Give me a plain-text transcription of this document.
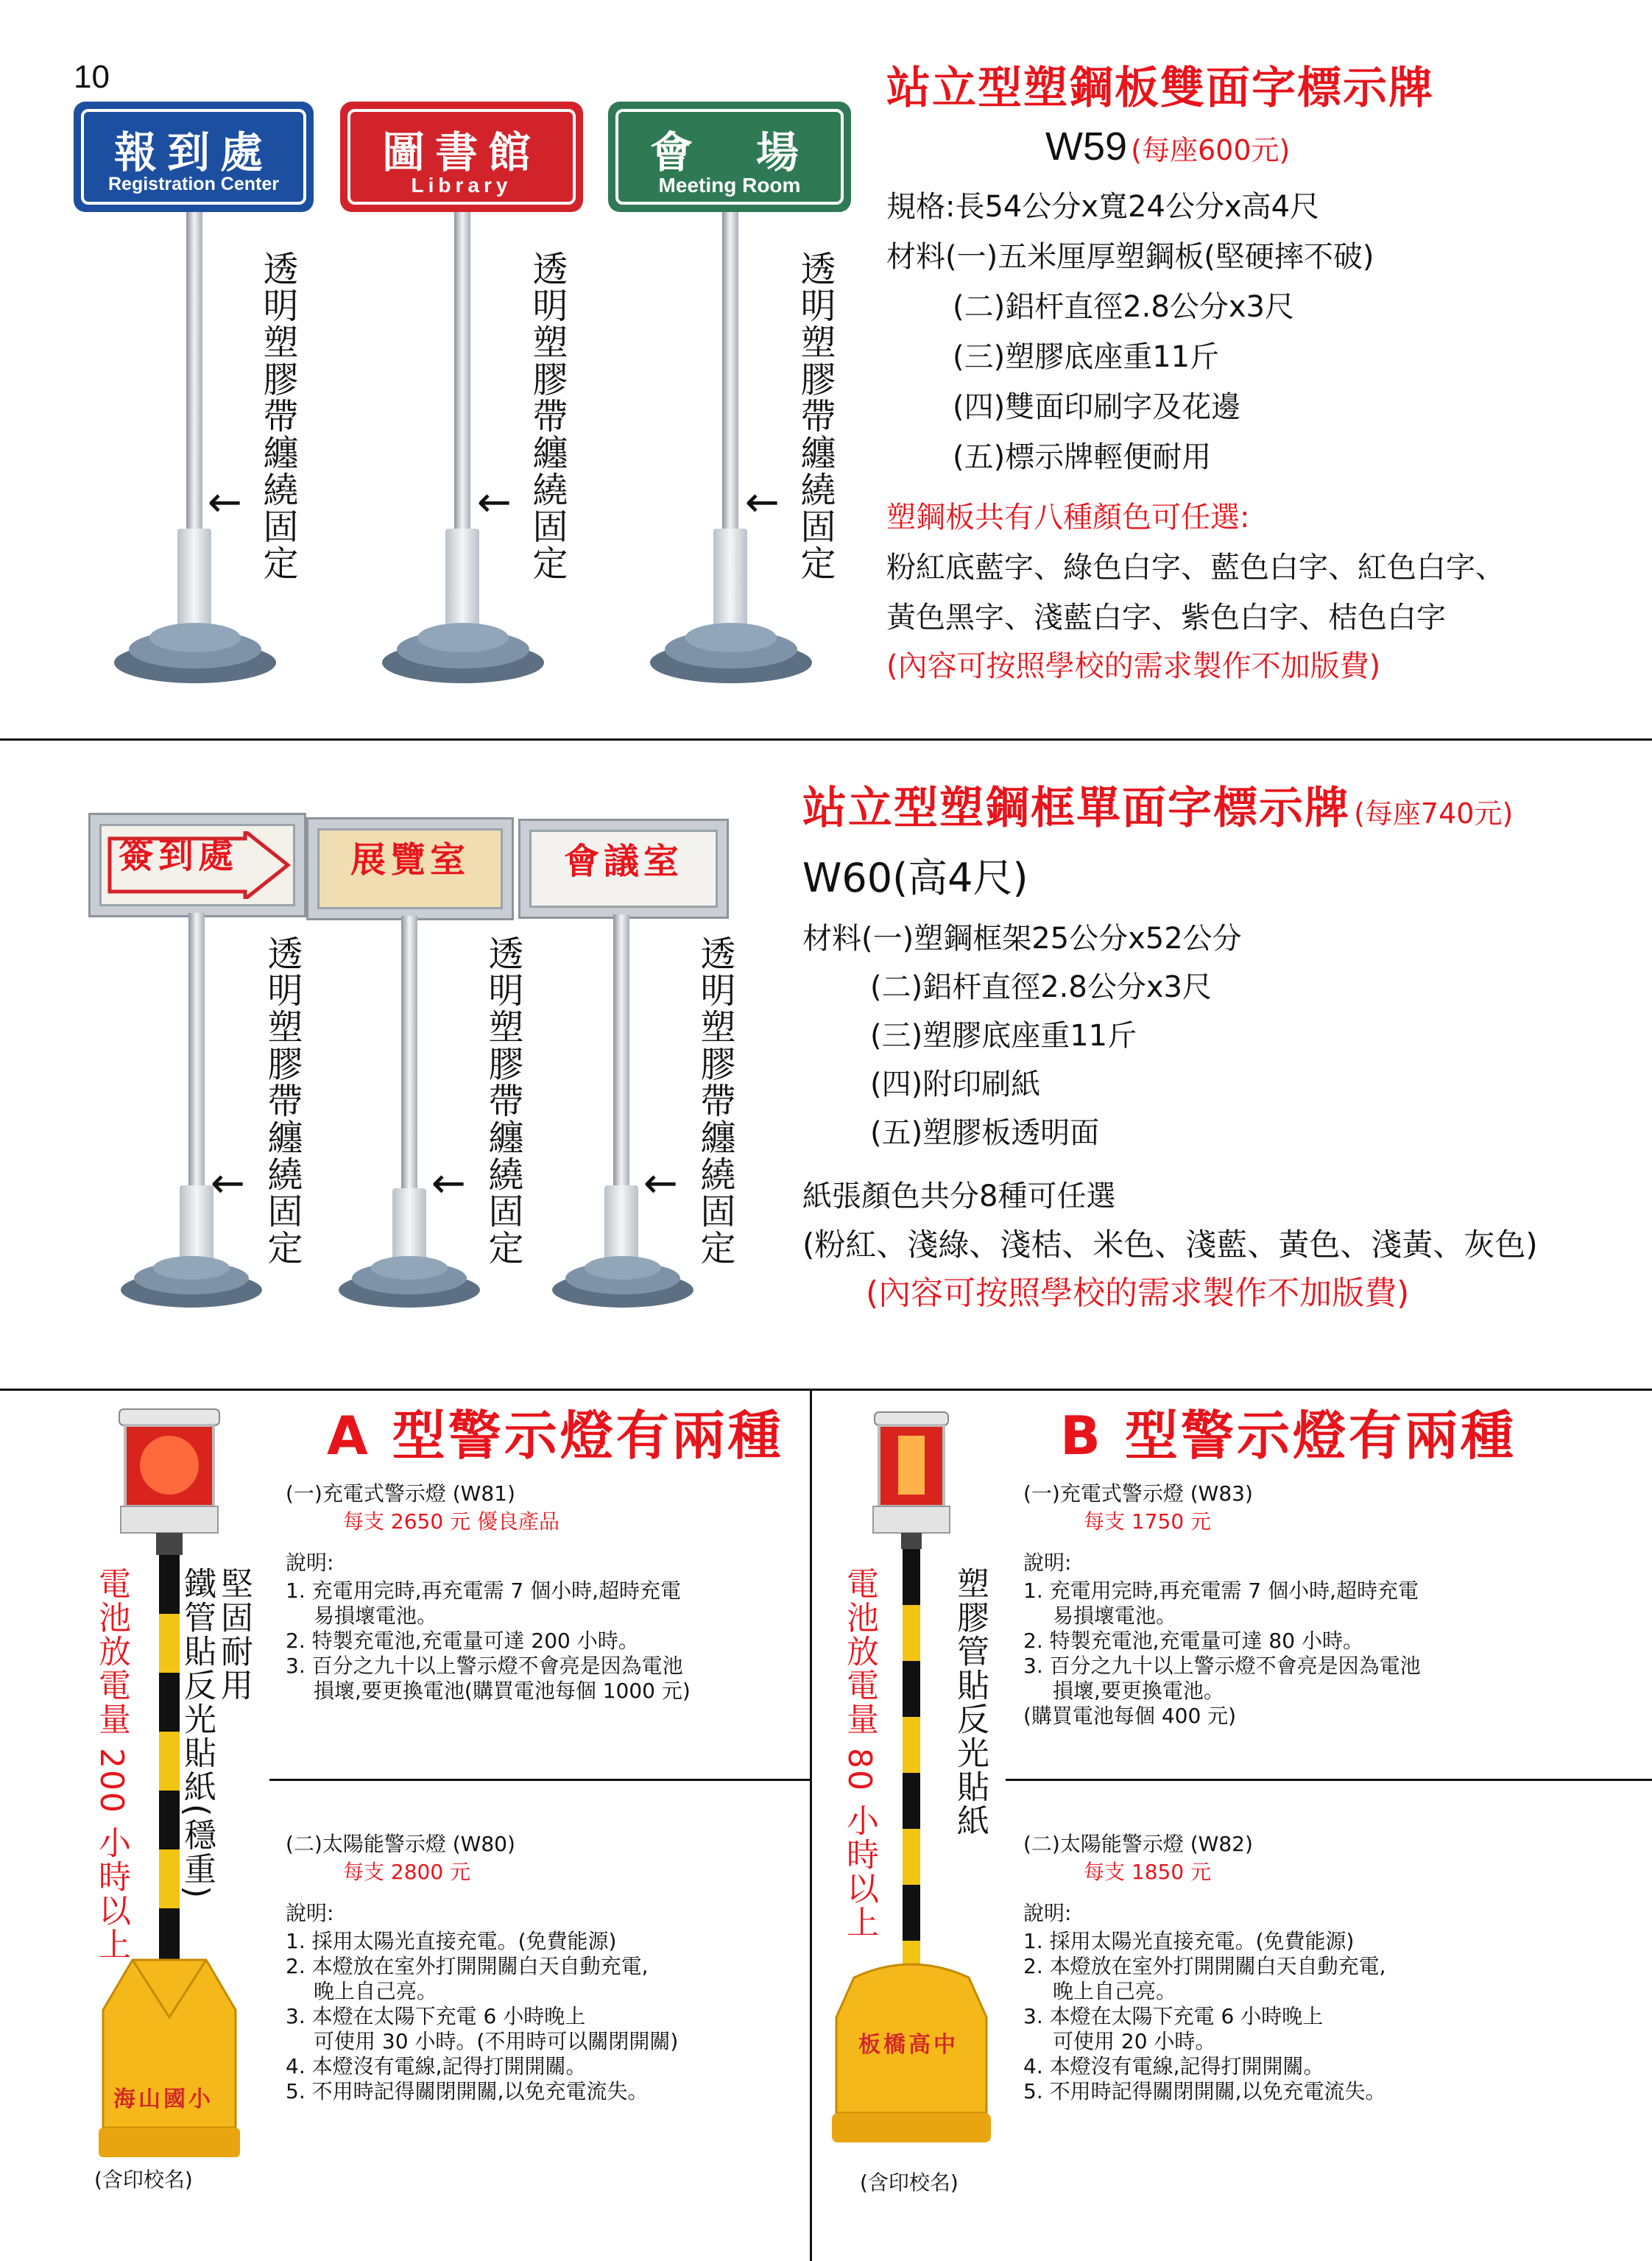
10
報到處
Registration Center
圖書館
Library
會　場
Meeting Room
透明塑膠帶纏繞固定
←	透明塑膠帶纏繞固定
←	透明塑膠帶纏繞固定
←
站立型塑鋼板雙面字標示牌
W59 (每座600元)
規格:長54公分x寬24公分x高4尺
材料(一)五米厘厚塑鋼板(堅硬摔不破)
(二)鋁杆直徑2.8公分x3尺
(三)塑膠底座重11斤
(四)雙面印刷字及花邊
(五)標示牌輕便耐用
塑鋼板共有八種顏色可任選:
粉紅底藍字、綠色白字、藍色白字、紅色白字、
黃色黑字、淺藍白字、紫色白字、桔色白字
(內容可按照學校的需求製作不加版費)
簽到處	展覽室	會議室
透明塑膠帶纏繞固定
←	透明塑膠帶纏繞固定
←	透明塑膠帶纏繞固定
←
站立型塑鋼框單面字標示牌 (每座740元)
W60(高4尺)
材料(一)塑鋼框架25公分x52公分
(二)鋁杆直徑2.8公分x3尺
(三)塑膠底座重11斤
(四)附印刷紙
(五)塑膠板透明面
紙張顏色共分8種可任選
(粉紅、淺綠、淺桔、米色、淺藍、黃色、淺黃、灰色)
(內容可按照學校的需求製作不加版費)
海山國小
電池放電量 200 小時以上	堅固耐用
鐵管貼反光貼紙(穩重)
(含印校名)
A 型警示燈有兩種
(一)充電式警示燈 (W81)
每支 2650 元 優良產品
說明:
1. 充電用完時,再充電需 7 個小時,超時充電
易損壞電池。
2. 特製充電池,充電量可達 200 小時。
3. 百分之九十以上警示燈不會亮是因為電池
損壞,要更換電池(購買電池每個 1000 元)
(二)太陽能警示燈 (W80)
每支 2800 元
說明:
1. 採用太陽光直接充電。(免費能源)
2. 本燈放在室外打開開關白天自動充電,
晚上自己亮。
3. 本燈在太陽下充電 6 小時晚上
可使用 30 小時。(不用時可以關閉開關)
4. 本燈沒有電線,記得打開開關。
5. 不用時記得關閉開關,以免充電流失。
板橋高中
電池放電量 80 小時以上 塑膠管貼反光貼紙
(含印校名)
B 型警示燈有兩種
(一)充電式警示燈 (W83)
每支 1750 元
說明:
1. 充電用完時,再充電需 7 個小時,超時充電
易損壞電池。
2. 特製充電池,充電量可達 80 小時。
3. 百分之九十以上警示燈不會亮是因為電池
損壞,要更換電池。
(購買電池每個 400 元)
(二)太陽能警示燈 (W82)
每支 1850 元
說明:
1. 採用太陽光直接充電。(免費能源)
2. 本燈放在室外打開開關白天自動充電,
晚上自己亮。
3. 本燈在太陽下充電 6 小時晚上
可使用 20 小時。
4. 本燈沒有電線,記得打開開關。
5. 不用時記得關閉開關,以免充電流失。
